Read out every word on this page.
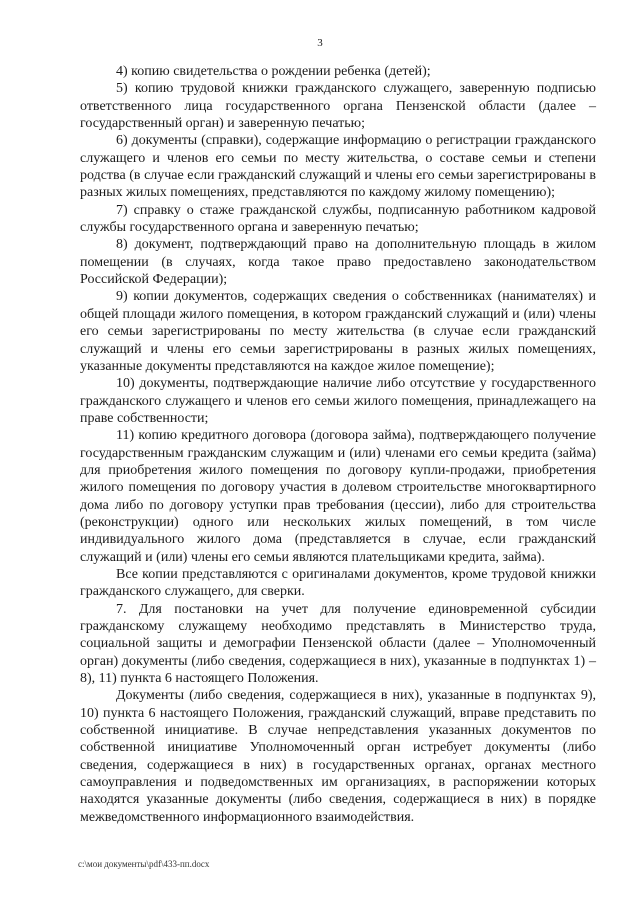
3

4) копию свидетельства о рождении ребенка (детей);

5) копию трудовой книжки гражданского служащего, заверенную подписью ответственного лица государственного органа Пензенской области (далее – государственный орган) и заверенную печатью;

6) документы (справки), содержащие информацию о регистрации гражданского служащего и членов его семьи по месту жительства, о составе семьи и степени родства (в случае если гражданский служащий и члены его семьи зарегистрированы в разных жилых помещениях, представляются по каждому жилому помещению);

7) справку о стаже гражданской службы, подписанную работником кадровой службы государственного органа и заверенную печатью;

8) документ, подтверждающий право на дополнительную площадь в жилом помещении (в случаях, когда такое право предоставлено законодательством Российской Федерации);

9) копии документов, содержащих сведения о собственниках (нанимателях) и общей площади жилого помещения, в котором гражданский служащий и (или) члены его семьи зарегистрированы по месту жительства (в случае если гражданский служащий и члены его семьи зарегистрированы в разных жилых помещениях, указанные документы представляются на каждое жилое помещение);

10) документы, подтверждающие наличие либо отсутствие у государственного гражданского служащего и членов его семьи жилого помещения, принадлежащего на праве собственности;

11) копию кредитного договора (договора займа), подтверждающего получение государственным гражданским служащим и (или) членами его семьи кредита (займа) для приобретения жилого помещения по договору купли-продажи, приобретения жилого помещения по договору участия в долевом строительстве многоквартирного дома либо по договору уступки прав требования (цессии), либо для строительства (реконструкции) одного или нескольких жилых помещений, в том числе индивидуального жилого дома (представляется в случае, если гражданский служащий и (или) члены его семьи являются плательщиками кредита, займа).

Все копии представляются с оригиналами документов, кроме трудовой книжки гражданского служащего, для сверки.

7. Для постановки на учет для получение единовременной субсидии гражданскому служащему необходимо представлять в Министерство труда, социальной защиты и демографии Пензенской области (далее – Уполномоченный орган) документы (либо сведения, содержащиеся в них), указанные в подпунктах 1) – 8), 11) пункта 6 настоящего Положения.

Документы (либо сведения, содержащиеся в них), указанные в подпунктах 9), 10) пункта 6 настоящего Положения, гражданский служащий, вправе представить по собственной инициативе. В случае непредставления указанных документов по собственной инициативе Уполномоченный орган истребует документы (либо сведения, содержащиеся в них) в государственных органах, органах местного самоуправления и подведомственных им организациях, в распоряжении которых находятся указанные документы (либо сведения, содержащиеся в них) в порядке межведомственного информационного взаимодействия.

c:\мои документы\pdf\433-пп.docx
